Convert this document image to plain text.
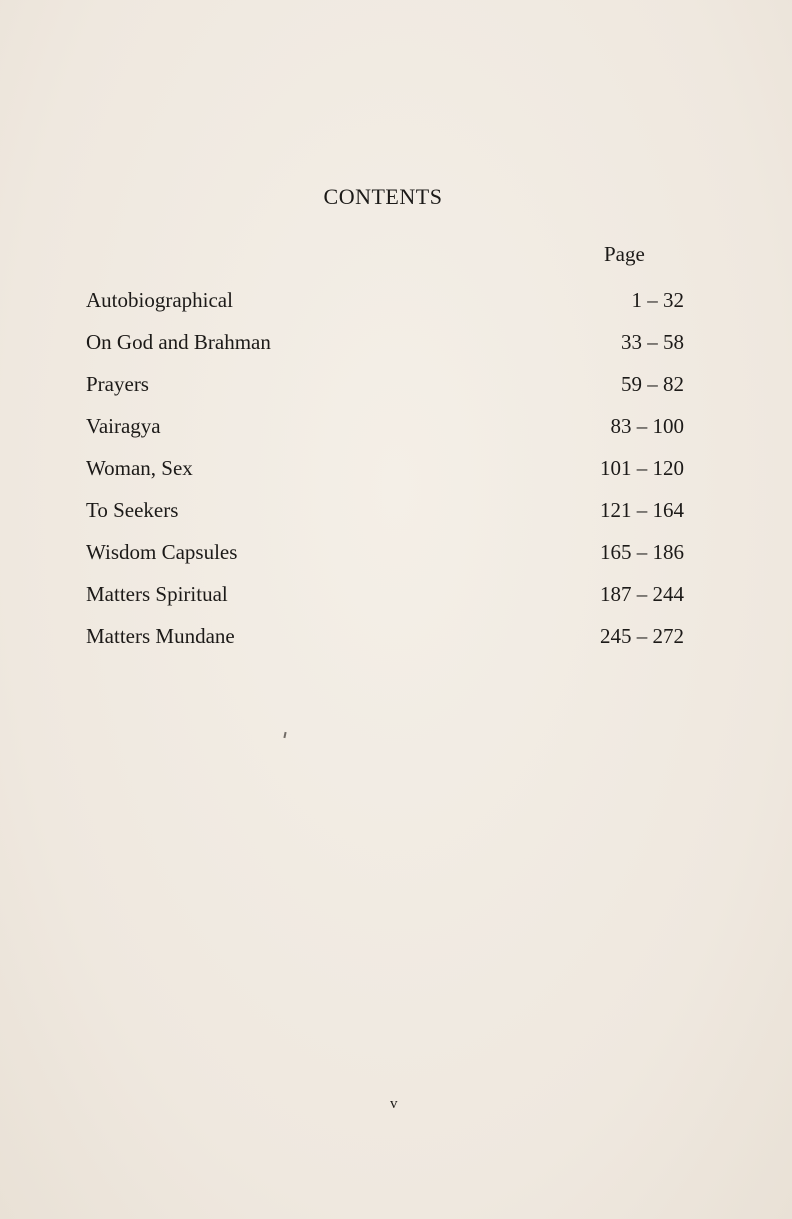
CONTENTS
Page
Autobiographical	1 – 32
On God and Brahman	33 – 58
Prayers	59 – 82
Vairagya	83 – 100
Woman, Sex	101 – 120
To Seekers	121 – 164
Wisdom Capsules	165 – 186
Matters Spiritual	187 – 244
Matters Mundane	245 – 272
v
